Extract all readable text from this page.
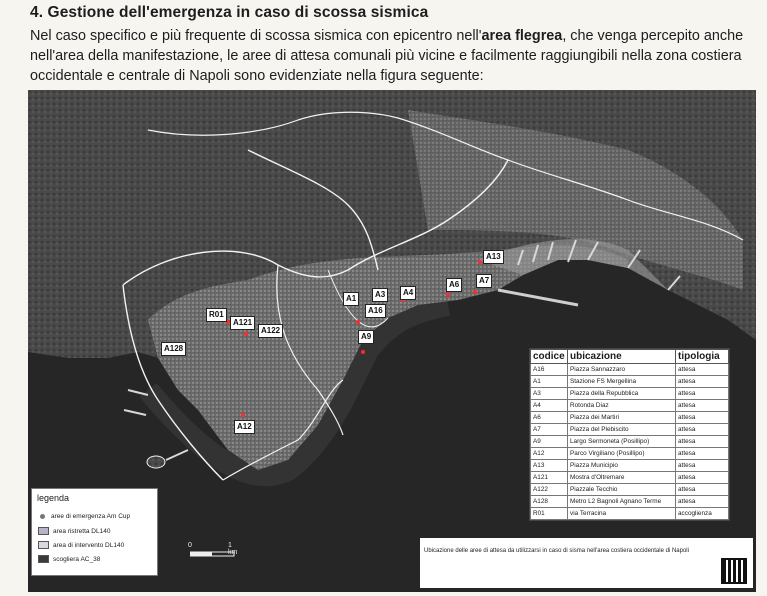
4. Gestione dell'emergenza in caso di scossa sismica
Nel caso specifico e più frequente di scossa sismica con epicentro nell'area flegrea, che venga percepito anche nell'area della manifestazione, le aree di attesa comunali più vicine e facilmente raggiungibili nella zona costiera occidentale e centrale di Napoli sono evidenziate nella figura seguente:
A13
A1	A3	A4
A6	A7
A16
A9
R01
A121
A122
A128
A12
codice	ubicazione	tipologia
A16	Piazza Sannazzaro	attesa
A1	Stazione FS Mergellina	attesa
A3	Piazza della Repubblica	attesa
A4	Rotonda Diaz	attesa
A6	Piazza dei Martiri	attesa
A7	Piazza del Plebiscito	attesa
A9	Largo Sermoneta (Posillipo)	attesa
A12	Parco Virgiliano (Posillipo)	attesa
A13	Piazza Municipio	attesa
A121	Mostra d'Oltremare	attesa
A122	Piazzale Tecchio	attesa
A128	Metro L2 Bagnoli Agnano Terme	attesa
R01	via Terracina	accoglienza
Ubicazione delle aree di attesa da utilizzarsi in caso di sisma nell'area costiera occidentale di Napoli
legenda
aree di emergenza Am Cup
area ristretta DL140
area di intervento DL140
scogliera AC_38
0	1 km
